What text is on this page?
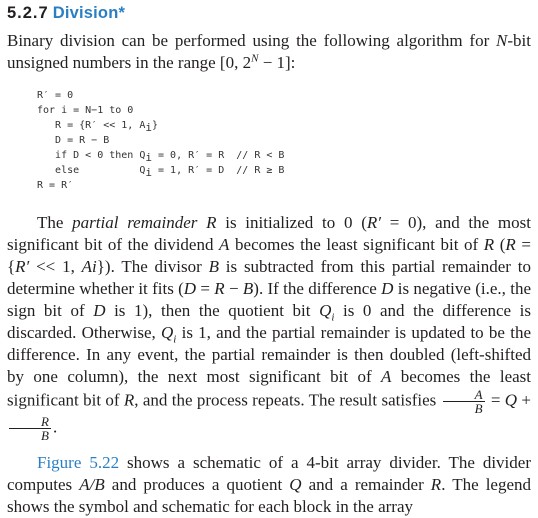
5.2.7 Division*

Binary division can be performed using the following algorithm for N-bit unsigned numbers in the range [0, $2^N - 1$]:

R′ = 0
for i = N−1 to 0
R = {R′ << 1, $A_i$}
D = R − B
if D < 0 then $Q_i = 0$, R′ = R  // R < B
else          $Q_i = 1$, R′ = D  // R ≥ B
R = R′

The partial remainder R is initialized to 0 (R′ = 0), and the most significant bit of the dividend A becomes the least significant bit of R (R = {R′ << 1, Ai}). The divisor B is subtracted from this partial remainder to determine whether it fits (D = R − B). If the difference D is negative (i.e., the sign bit of D is 1), then the quotient bit $Q_i$ is 0 and the difference is discarded. Otherwise, $Q_i$ is 1, and the partial remainder is updated to be the difference. In any event, the partial remainder is then doubled (left-shifted by one column), the next most significant bit of A becomes the least significant bit of R, and the process repeats. The result satisfies $\frac{A}{B} = Q$ +
$\frac{R}{B}$ .

Figure 5.22 shows a schematic of a 4-bit array divider. The divider computes A/B and produces a quotient Q and a remainder R. The legend shows the symbol and schematic for each block in the array
